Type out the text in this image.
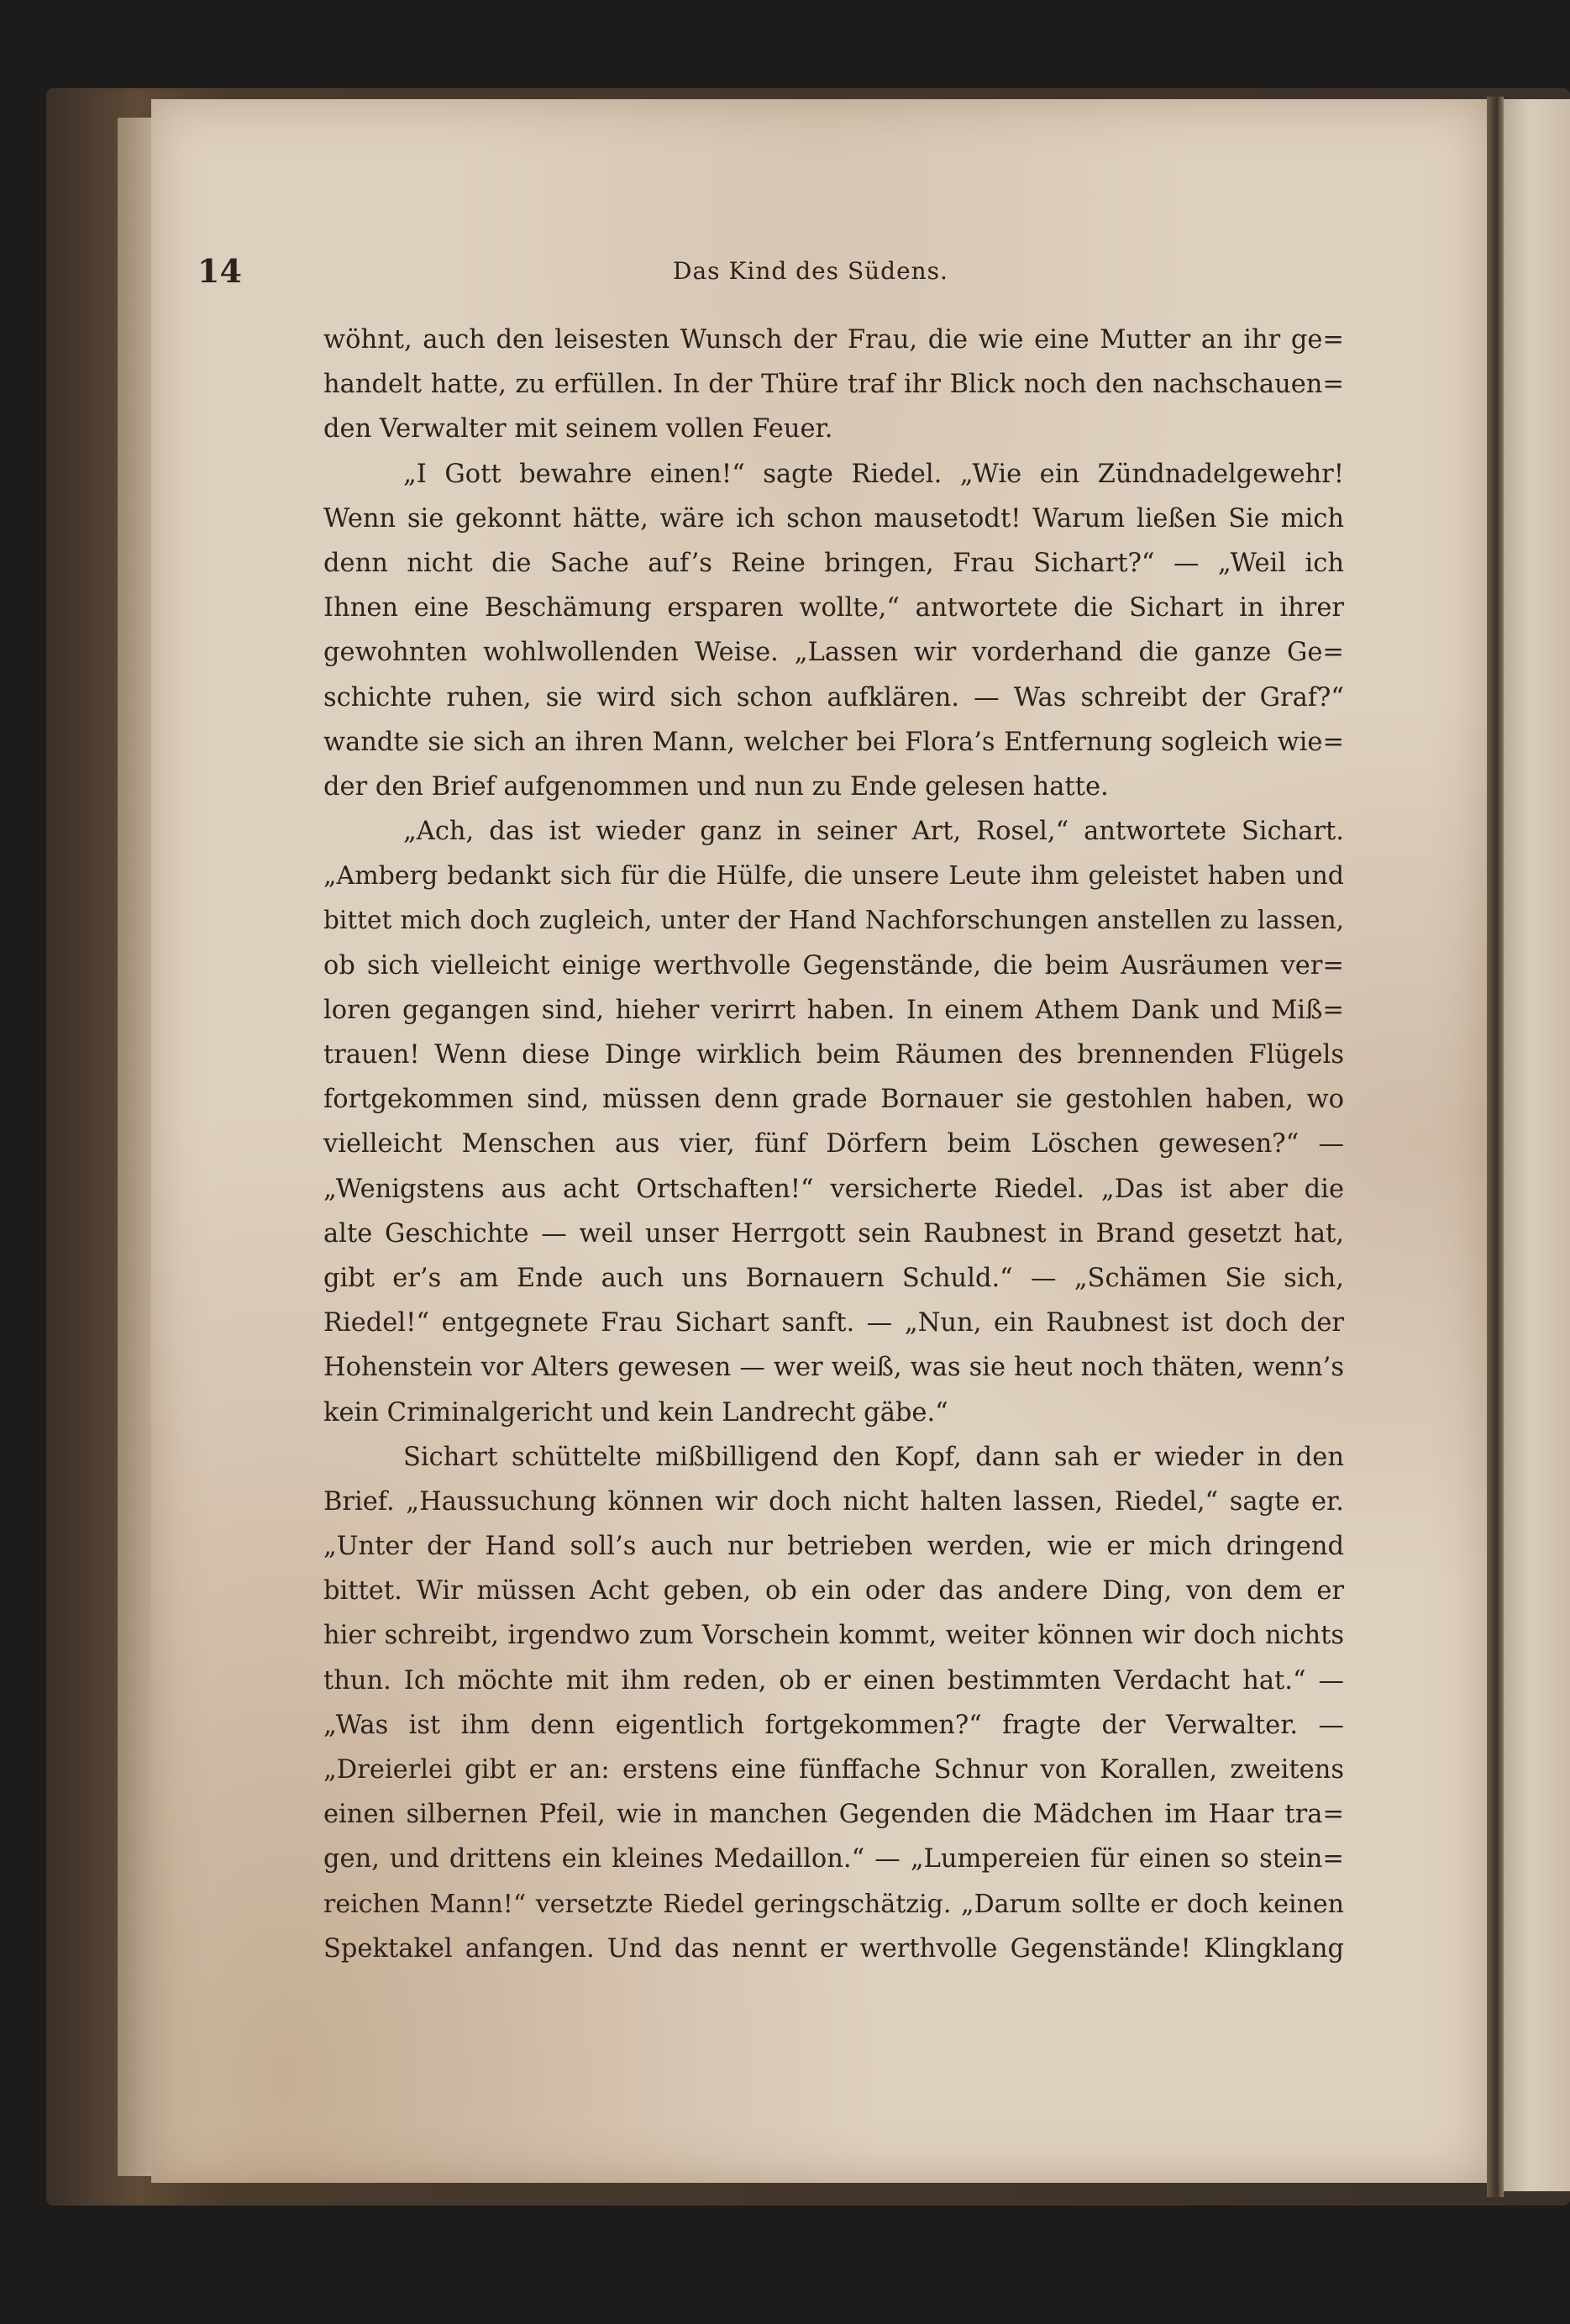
14	Das Kind des Südens.
wöhnt, auch den leisesten Wunsch der Frau, die wie eine Mutter an ihr ge=
handelt hatte, zu erfüllen. In der Thüre traf ihr Blick noch den nachschauen=
den Verwalter mit seinem vollen Feuer.
„I Gott bewahre einen!“ sagte Riedel. „Wie ein Zündnadelgewehr!
Wenn sie gekonnt hätte, wäre ich schon mausetodt! Warum ließen Sie mich
denn nicht die Sache auf’s Reine bringen, Frau Sichart?“ — „Weil ich
Ihnen eine Beschämung ersparen wollte,“ antwortete die Sichart in ihrer
gewohnten wohlwollenden Weise. „Lassen wir vorderhand die ganze Ge=
schichte ruhen, sie wird sich schon aufklären. — Was schreibt der Graf?“
wandte sie sich an ihren Mann, welcher bei Flora’s Entfernung sogleich wie=
der den Brief aufgenommen und nun zu Ende gelesen hatte.
„Ach, das ist wieder ganz in seiner Art, Rosel,“ antwortete Sichart.
„Amberg bedankt sich für die Hülfe, die unsere Leute ihm geleistet haben und
bittet mich doch zugleich, unter der Hand Nachforschungen anstellen zu lassen,
ob sich vielleicht einige werthvolle Gegenstände, die beim Ausräumen ver=
loren gegangen sind, hieher verirrt haben. In einem Athem Dank und Miß=
trauen! Wenn diese Dinge wirklich beim Räumen des brennenden Flügels
fortgekommen sind, müssen denn grade Bornauer sie gestohlen haben, wo
vielleicht Menschen aus vier, fünf Dörfern beim Löschen gewesen?“ —
„Wenigstens aus acht Ortschaften!“ versicherte Riedel. „Das ist aber die
alte Geschichte — weil unser Herrgott sein Raubnest in Brand gesetzt hat,
gibt er’s am Ende auch uns Bornauern Schuld.“ — „Schämen Sie sich,
Riedel!“ entgegnete Frau Sichart sanft. — „Nun, ein Raubnest ist doch der
Hohenstein vor Alters gewesen — wer weiß, was sie heut noch thäten, wenn’s
kein Criminalgericht und kein Landrecht gäbe.“
Sichart schüttelte mißbilligend den Kopf, dann sah er wieder in den
Brief. „Haussuchung können wir doch nicht halten lassen, Riedel,“ sagte er.
„Unter der Hand soll’s auch nur betrieben werden, wie er mich dringend
bittet. Wir müssen Acht geben, ob ein oder das andere Ding, von dem er
hier schreibt, irgendwo zum Vorschein kommt, weiter können wir doch nichts
thun. Ich möchte mit ihm reden, ob er einen bestimmten Verdacht hat.“ —
„Was ist ihm denn eigentlich fortgekommen?“ fragte der Verwalter. —
„Dreierlei gibt er an: erstens eine fünffache Schnur von Korallen, zweitens
einen silbernen Pfeil, wie in manchen Gegenden die Mädchen im Haar tra=
gen, und drittens ein kleines Medaillon.“ — „Lumpereien für einen so stein=
reichen Mann!“ versetzte Riedel geringschätzig. „Darum sollte er doch keinen
Spektakel anfangen. Und das nennt er werthvolle Gegenstände! Klingklang
